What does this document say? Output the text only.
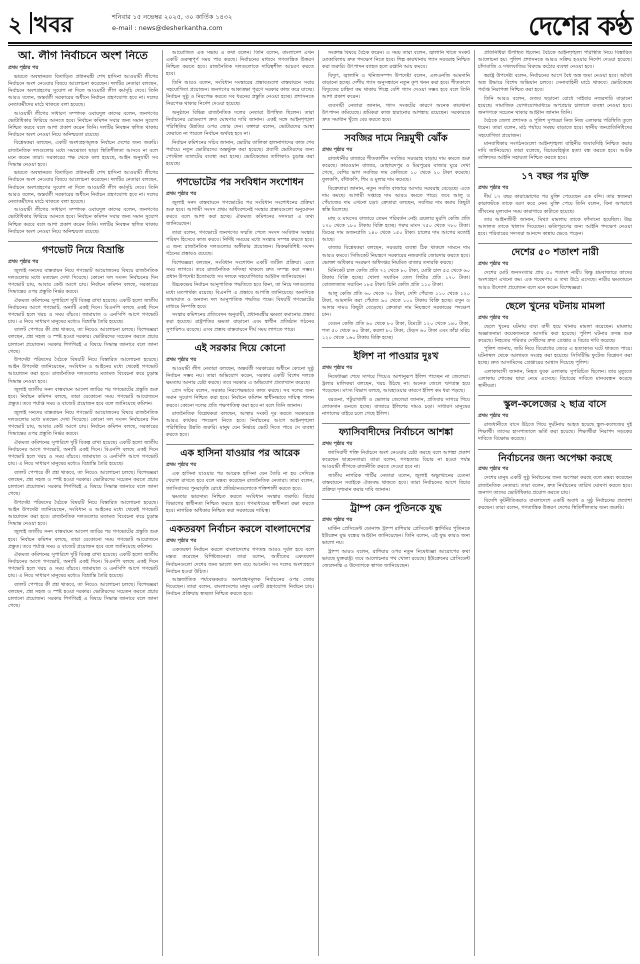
২ খবর	শনিবার ১৫ নভেম্বর ২০২৫, ৩০ কার্তিক ১৪৩২
e-mail : news@desherkantha.com	দেশের কণ্ঠ
আ. লীগ নির্বাচনে অংশ নিতে
প্রথম পৃষ্ঠার পর

ভারতে অবস্থানরত বিতাড়িত প্রধানমন্ত্রী শেখ হাসিনা আওয়ামী লীগের নির্বাচনে অংশ নেওয়ার বিষয়ে আলোচনা করেছেন। দলটির নেতারা বলছেন, নির্বাচনে অংশগ্রহণের সুযোগ না দিলে আওয়ামী লীগ কর্মসূচি দেবে। তিনি আরও বলেন, অন্তর্বর্তী সরকারের অধীনে নির্বাচন গ্রহণযোগ্য হবে না। দলের নেতাকর্মীদের মাঠে থাকতে বলা হয়েছে।

আওয়ামী লীগের সাধারণ সম্পাদক ওবায়দুল কাদের বলেন, জনগণের ভোটাধিকার ফিরিয়ে আনতে হবে। নির্বাচন কমিশন সবার জন্য সমান সুযোগ নিশ্চিত করবে বলে আশা প্রকাশ করেন তিনি। দলটির নিবন্ধন স্থগিত থাকায় নির্বাচনে অংশ নেওয়া নিয়ে অনিশ্চয়তা রয়েছে।

বিশ্লেষকরা বলছেন, একটি অংশগ্রহণমূলক নির্বাচন দেশের জন্য জরুরি। রাজনৈতিক দলগুলোর মধ্যে সমঝোতা ছাড়া স্থিতিশীলতা আসবে না বলে মনে করেন তারা। সরকারের পক্ষ থেকে বলা হয়েছে, আইন অনুযায়ী সব সিদ্ধান্ত নেওয়া হবে।

ভারতে অবস্থানরত বিতাড়িত প্রধানমন্ত্রী শেখ হাসিনা আওয়ামী লীগের নির্বাচনে অংশ নেওয়ার বিষয়ে আলোচনা করেছেন। দলটির নেতারা বলছেন, নির্বাচনে অংশগ্রহণের সুযোগ না দিলে আওয়ামী লীগ কর্মসূচি দেবে। তিনি আরও বলেন, অন্তর্বর্তী সরকারের অধীনে নির্বাচন গ্রহণযোগ্য হবে না। দলের নেতাকর্মীদের মাঠে থাকতে বলা হয়েছে।

আওয়ামী লীগের সাধারণ সম্পাদক ওবায়দুল কাদের বলেন, জনগণের ভোটাধিকার ফিরিয়ে আনতে হবে। নির্বাচন কমিশন সবার জন্য সমান সুযোগ নিশ্চিত করবে বলে আশা প্রকাশ করেন তিনি। দলটির নিবন্ধন স্থগিত থাকায় নির্বাচনে অংশ নেওয়া নিয়ে অনিশ্চয়তা রয়েছে।

গণভোট নিয়ে বিভ্রান্তি
প্রথম পৃষ্ঠার পর

জুলাই সনদের বাস্তবায়ন নিয়ে গণভোট আয়োজনের বিষয়ে রাজনৈতিক দলগুলোর মধ্যে মতভেদ দেখা দিয়েছে। কোনো দল সংসদ নির্বাচনের দিন গণভোট চায়, আবার কেউ আগে চায়। নির্বাচন কমিশন বলছে, সরকারের সিদ্ধান্তের ওপর প্রস্তুতি নির্ভর করবে।

ঐকমত্য কমিশনের সুপারিশে দুটি বিকল্প রাখা হয়েছে। একটি হলো জাতীয় নির্বাচনের আগে গণভোট, অন্যটি একই দিনে। বিএনপি বলছে একই দিনে গণভোট হলে খরচ ও সময় বাঁচবে। জামায়াত ও এনসিপি আগে গণভোট চায়। এ নিয়ে সাধারণ মানুষের মধ্যেও বিভ্রান্তি তৈরি হয়েছে।

ব্যালট পেপারে কী প্রশ্ন থাকবে, তা নিয়েও আলোচনা চলছে। বিশেষজ্ঞরা বলছেন, প্রশ্ন সহজ ও স্পষ্ট হওয়া দরকার। ভোটারদের সচেতন করতে প্রচার চালানো প্রয়োজন। সরকার শিগগিরই এ বিষয়ে সিদ্ধান্ত জানাবে বলে জানা গেছে।

উপদেষ্টা পরিষদের বৈঠকে বিষয়টি নিয়ে বিস্তারিত আলোচনা হয়েছে। আইন উপদেষ্টা জানিয়েছেন, সংবিধান ও আইনের মধ্যে থেকেই গণভোট আয়োজন করা হবে। রাজনৈতিক দলগুলোর মতামত বিবেচনা করে চূড়ান্ত সিদ্ধান্ত নেওয়া হবে।

জুলাই জাতীয় সনদ বাস্তবায়ন আদেশ জারির পর গণভোটের প্রস্তুতি শুরু হবে। নির্বাচন কমিশন বলছে, তারা যেকোনো সময় গণভোট আয়োজনে প্রস্তুত। তবে পর্যাপ্ত সময় ও বাজেট প্রয়োজন হবে বলে জানিয়েছে কমিশন।

জুলাই সনদের বাস্তবায়ন নিয়ে গণভোট আয়োজনের বিষয়ে রাজনৈতিক দলগুলোর মধ্যে মতভেদ দেখা দিয়েছে। কোনো দল সংসদ নির্বাচনের দিন গণভোট চায়, আবার কেউ আগে চায়। নির্বাচন কমিশন বলছে, সরকারের সিদ্ধান্তের ওপর প্রস্তুতি নির্ভর করবে।

ঐকমত্য কমিশনের সুপারিশে দুটি বিকল্প রাখা হয়েছে। একটি হলো জাতীয় নির্বাচনের আগে গণভোট, অন্যটি একই দিনে। বিএনপি বলছে একই দিনে গণভোট হলে খরচ ও সময় বাঁচবে। জামায়াত ও এনসিপি আগে গণভোট চায়। এ নিয়ে সাধারণ মানুষের মধ্যেও বিভ্রান্তি তৈরি হয়েছে।

ব্যালট পেপারে কী প্রশ্ন থাকবে, তা নিয়েও আলোচনা চলছে। বিশেষজ্ঞরা বলছেন, প্রশ্ন সহজ ও স্পষ্ট হওয়া দরকার। ভোটারদের সচেতন করতে প্রচার চালানো প্রয়োজন। সরকার শিগগিরই এ বিষয়ে সিদ্ধান্ত জানাবে বলে জানা গেছে।

উপদেষ্টা পরিষদের বৈঠকে বিষয়টি নিয়ে বিস্তারিত আলোচনা হয়েছে। আইন উপদেষ্টা জানিয়েছেন, সংবিধান ও আইনের মধ্যে থেকেই গণভোট আয়োজন করা হবে। রাজনৈতিক দলগুলোর মতামত বিবেচনা করে চূড়ান্ত সিদ্ধান্ত নেওয়া হবে।

জুলাই জাতীয় সনদ বাস্তবায়ন আদেশ জারির পর গণভোটের প্রস্তুতি শুরু হবে। নির্বাচন কমিশন বলছে, তারা যেকোনো সময় গণভোট আয়োজনে প্রস্তুত। তবে পর্যাপ্ত সময় ও বাজেট প্রয়োজন হবে বলে জানিয়েছে কমিশন।

ঐকমত্য কমিশনের সুপারিশে দুটি বিকল্প রাখা হয়েছে। একটি হলো জাতীয় নির্বাচনের আগে গণভোট, অন্যটি একই দিনে। বিএনপি বলছে একই দিনে গণভোট হলে খরচ ও সময় বাঁচবে। জামায়াত ও এনসিপি আগে গণভোট চায়। এ নিয়ে সাধারণ মানুষের মধ্যেও বিভ্রান্তি তৈরি হয়েছে।

ব্যালট পেপারে কী প্রশ্ন থাকবে, তা নিয়েও আলোচনা চলছে। বিশেষজ্ঞরা বলছেন, প্রশ্ন সহজ ও স্পষ্ট হওয়া দরকার। ভোটারদের সচেতন করতে প্রচার চালানো প্রয়োজন। সরকার শিগগিরই এ বিষয়ে সিদ্ধান্ত জানাবে বলে জানা গেছে।

আয়োজিত এক সভায় এ কথা বলেন। তিনি বলেন, বাংলাদেশ এখন একটি গুরুত্বপূর্ণ সময় পার করছে। নির্বাচনের মাধ্যমে গণতান্ত্রিক উত্তরণ নিশ্চিত করতে হবে। রাজনৈতিক দলগুলোকে দায়িত্বশীল আচরণ করতে হবে।

তিনি আরও বলেন, সংবিধান সংস্কারের প্রস্তাবগুলো বাস্তবায়নে সবার সহযোগিতা প্রয়োজন। জনগণের আকাঙ্ক্ষা পূরণে সরকার কাজ করে যাচ্ছে। নির্বাচন সুষ্ঠু ও নিরপেক্ষ করতে সব ধরনের প্রস্তুতি নেওয়া হচ্ছে। প্রশাসনকে নিরপেক্ষ থাকার নির্দেশ দেওয়া হয়েছে।

অনুষ্ঠানে বিভিন্ন রাজনৈতিক দলের নেতারা উপস্থিত ছিলেন। তারা নির্বাচনের রোডম্যাপ দ্রুত ঘোষণার দাবি জানান। একই সঙ্গে আইনশৃঙ্খলা পরিস্থিতির উন্নতির ওপর জোর দেন। বক্তারা বলেন, ভোটারদের আস্থা ফেরাতে না পারলে নির্বাচন অর্থবহ হবে না।

নির্বাচন কমিশনের সচিব জানান, ভোটার তালিকা হালনাগাদের কাজ শেষ পর্যায়ে। নতুন ভোটারদের অন্তর্ভুক্ত করা হয়েছে। প্রবাসী ভোটারদের জন্য পোস্টাল ব্যালটের ব্যবস্থা করা হচ্ছে। ভোটকেন্দ্রের তালিকাও চূড়ান্ত করা হয়েছে।

গণভোটের পর সংবিধান সংশোধন
প্রথম পৃষ্ঠার পর

জুলাই সনদ বাস্তবায়নে গণভোটের পর সংবিধান সংশোধনের প্রক্রিয়া শুরু হবে। আগামী সংসদ প্রথম অধিবেশনেই সংস্কার প্রস্তাবগুলো অনুমোদন করবে বলে আশা করা হচ্ছে। ঐকমত্য কমিশনের সদস্যরা এ তথ্য জানিয়েছেন।

তারা বলেন, গণভোটে জনগণের সম্মতি পেলে সংসদ সংবিধান সংস্কার পরিষদ হিসেবে কাজ করবে। নির্দিষ্ট সময়ের মধ্যে সংস্কার সম্পন্ন করতে হবে। এ জন্য রাজনৈতিক দলগুলোর অঙ্গীকার প্রয়োজন। দ্বিকক্ষবিশিষ্ট সংসদ গঠনের প্রস্তাবও রয়েছে।

বিশেষজ্ঞরা বলছেন, সংবিধান সংশোধন একটি জটিল প্রক্রিয়া। এতে সময় লাগবে। তবে রাজনৈতিক সদিচ্ছা থাকলে দ্রুত সম্পন্ন করা সম্ভব। প্রধান উপদেষ্টা ইতোমধ্যে সব দলকে সহযোগিতার আহ্বান জানিয়েছেন।

উচ্চকক্ষের নির্বাচন আনুপাতিক পদ্ধতিতে হবে কিনা, তা নিয়ে দলগুলোর মধ্যে মতপার্থক্য রয়েছে। বিএনপি এ প্রস্তাবে আপত্তি জানিয়েছে। অন্যদিকে জামায়াত ও অন্যান্য দল আনুপাতিক পদ্ধতির পক্ষে। বিষয়টি গণভোটের মাধ্যমে নিষ্পত্তি হবে।

সংস্কার কমিশনের প্রতিবেদন অনুযায়ী, প্রধানমন্ত্রীর ক্ষমতা কমানোর প্রস্তাব করা হয়েছে। রাষ্ট্রপতির ক্ষমতা বাড়ানো এবং স্বাধীন প্রতিষ্ঠান গঠনের সুপারিশও রয়েছে। এসব প্রস্তাব বাস্তবায়নে দীর্ঘ সময় লাগতে পারে।

এই সরকার দিয়ে কোনো
প্রথম পৃষ্ঠার পর

আওয়ামী লীগ নেতারা বলছেন, অন্তর্বর্তী সরকারের অধীনে কোনো সুষ্ঠু নির্বাচন সম্ভব নয়। তারা অভিযোগ করেন, সরকার একটি বিশেষ দলকে ক্ষমতায় আনার চেষ্টা করছে। তবে সরকার এ অভিযোগ প্রত্যাখ্যান করেছে।

প্রেস সচিব বলেন, সরকার নিরপেক্ষভাবে কাজ করছে। সব দলের জন্য সমান সুযোগ নিশ্চিত করা হবে। নির্বাচন কমিশন স্বাধীনভাবে দায়িত্ব পালন করবে। কোনো দলের প্রতি পক্ষপাতিত্ব করা হবে না বলে তিনি জানান।

রাজনৈতিক বিশ্লেষকরা বলছেন, আস্থার সংকট দূর করতে সরকারকে আরও কার্যকর পদক্ষেপ নিতে হবে। নির্বাচনের আগে আইনশৃঙ্খলা পরিস্থিতির উন্নতি জরুরি। মানুষ যেন নির্ভয়ে ভোট দিতে পারে সে ব্যবস্থা করতে হবে।

এক হাসিনা যাওয়ার পর আরেক
প্রথম পৃষ্ঠার পর

এক হাসিনা যাওয়ার পর আরেক হাসিনা যেন তৈরি না হয় সেদিকে খেয়াল রাখতে হবে বলে মন্তব্য করেছেন রাজনৈতিক নেতারা। তারা বলেন, ফ্যাসিবাদের পুনরাবৃত্তি রোধে প্রতিষ্ঠানগুলোকে শক্তিশালী করতে হবে।

ক্ষমতার ভারসাম্য নিশ্চিত করতে সংবিধান সংস্কার জরুরি। বিচার বিভাগের স্বাধীনতা নিশ্চিত করতে হবে। গণমাধ্যমের স্বাধীনতা রক্ষা করতে হবে। নাগরিক অধিকার নিশ্চিত করা সরকারের দায়িত্ব।

একতরফা নির্বাচন করলে বাংলাদেশের
প্রথম পৃষ্ঠার পর

একতরফা নির্বাচন করলে বাংলাদেশের গণতন্ত্র আরও দুর্বল হবে বলে মন্তব্য করেছেন বিশিষ্টজনেরা। তারা বলেন, অতীতের একতরফা নির্বাচনগুলো দেশের জন্য ভালো ফল বয়ে আনেনি। সব দলের অংশগ্রহণে নির্বাচন হওয়া উচিত।

আন্তর্জাতিক পর্যবেক্ষকরাও অংশগ্রহণমূলক নির্বাচনের ওপর জোর দিয়েছেন। তারা বলেন, বাংলাদেশের মানুষ একটি গ্রহণযোগ্য নির্বাচন চায়। নির্বাচন প্রক্রিয়ায় স্বচ্ছতা নিশ্চিত করতে হবে।

সংক্রান্ত বিষয়ে বৈঠক করেন। এ সময় তারা বলেন, জ্বালানি খাতে সংকট মোকাবিলায় দ্রুত পদক্ষেপ নিতে হবে। শিল্প কারখানায় গ্যাস সরবরাহ নিশ্চিত করা জরুরি। উৎপাদন ব্যাহত হলে রপ্তানি আয় কমবে।

বিদ্যুৎ, জ্বালানি ও খনিজসম্পদ উপদেষ্টা বলেন, এলএনজি আমদানি বাড়ানো হচ্ছে। দেশীয় গ্যাস অনুসন্ধানে নতুন কূপ খনন করা হবে। শীতকালে বিদ্যুতের চাহিদা কম থাকায় শিল্পে বেশি গ্যাস দেওয়া সম্ভব হবে বলে তিনি আশা প্রকাশ করেন।

ব্যবসায়ী নেতারা জানান, গ্যাস সংকটের কারণে অনেক কারখানা উৎপাদন কমিয়েছে। শ্রমিকরা কাজ হারানোর আশঙ্কায় রয়েছেন। সরকারকে দ্রুত সমাধান খুঁজে বের করতে হবে।

সবজির দামে নিম্নমুখী ঝোঁক
প্রথম পৃষ্ঠার পর

রাজধানীর বাজারে শীতকালীন সবজির সরবরাহ বাড়ায় দাম কমতে শুরু করেছে। কারওয়ান বাজার, মোহাম্মদপুর ও মিরপুরের বাজার ঘুরে দেখা গেছে, বেশির ভাগ সবজির দাম কেজিতে ১০ থেকে ২০ টাকা কমেছে। ফুলকপি, বাঁধাকপি, শিম ও মুলার দাম কমেছে।

বিক্রেতারা জানান, নতুন সবজি বাজারে আসায় সরবরাহ বেড়েছে। এতে দাম কমছে। আগামী সপ্তাহে দাম আরও কমতে পারে। তবে আলু ও পেঁয়াজের দাম এখনো চড়া। ক্রেতারা বলছেন, সবজির দাম কমায় কিছুটা স্বস্তি মিলেছে।

মাছ ও মাংসের বাজারে তেমন পরিবর্তন নেই। ব্রয়লার মুরগি কেজি প্রতি ১৭০ থেকে ১৮০ টাকায় বিক্রি হচ্ছে। গরুর মাংস ৭৫০ থেকে ৭৮০ টাকা। ডিমের দাম ডজনপ্রতি ১৪০ থেকে ১৫০ টাকা। চালের দাম আগের মতোই আছে।

বাজার বিশ্লেষকরা বলছেন, সরবরাহ ব্যবস্থা ঠিক থাকলে সামনে দাম আরও কমবে। সিন্ডিকেট নিয়ন্ত্রণে সরকারের নজরদারি জোরদার করতে হবে। ভোক্তা অধিকার সংরক্ষণ অধিদপ্তর নিয়মিত বাজার তদারকি করছে।

মিনিকেট চাল কেজি প্রতি ৭২ থেকে ৮০ টাকা, মোটা চাল ৫৫ থেকে ৬০ টাকায় বিক্রি হচ্ছে। খোলা সয়াবিন তেল লিটার প্রতি ১৭০ টাকা। বোতলজাত সয়াবিন ১৮৫ টাকা। চিনি কেজি প্রতি ১১০ টাকা।

আলু কেজি প্রতি ৬০ থেকে ৭০ টাকা, দেশি পেঁয়াজ ১১০ থেকে ১২০ টাকা, আমদানি করা পেঁয়াজ ৯০ থেকে ১০০ টাকায় বিক্রি হচ্ছে। রসুন ও আদার দামও কিছুটা বেড়েছে। ক্রেতারা দাম নিয়ন্ত্রণে সরকারের পদক্ষেপ চান।

বেগুন কেজি প্রতি ৬০ থেকে ৮০ টাকা, টমেটো ১২০ থেকে ১৪০ টাকা, শসা ৫০ থেকে ৬০ টাকা, করলা ৮০ টাকা, ঢেঁড়স ৬০ টাকা এবং কাঁচা মরিচ ১২০ থেকে ১৬০ টাকায় বিক্রি হচ্ছে।

ইলিশ না পাওয়ার দুঃখ
প্রথম পৃষ্ঠার পর

নিষেধাজ্ঞা শেষে সাগরে গিয়েও আশানুরূপ ইলিশ পাচ্ছেন না জেলেরা। ট্রলার মালিকরা বলছেন, খরচ উঠছে না। অনেক জেলে ঋণগ্রস্ত হয়ে পড়েছেন। মৎস্য বিভাগ বলছে, আবহাওয়ার কারণে ইলিশ কম ধরা পড়ছে।

বরগুনা, পটুয়াখালী ও ভোলার জেলেরা জানান, প্রতিবার সাগরে গিয়ে লোকসান গুনতে হচ্ছে। বাজারে ইলিশের দামও চড়া। সাধারণ মানুষের নাগালের বাইরে চলে গেছে ইলিশ।

ফ্যাসিবাদীদের নির্বাচনে আশঙ্কা
প্রথম পৃষ্ঠার পর

ফ্যাসিবাদী শক্তি নির্বাচনে অংশ নেওয়ার চেষ্টা করছে বলে আশঙ্কা প্রকাশ করেছেন ছাত্রনেতারা। তারা বলেন, গণহত্যার বিচার না হওয়া পর্যন্ত আওয়ামী লীগকে রাজনীতি করতে দেওয়া হবে না।

জাতীয় নাগরিক পার্টির নেতারা বলেন, জুলাই অভ্যুত্থানের চেতনা বাস্তবায়নে সবাইকে ঐক্যবদ্ধ থাকতে হবে। তারা নির্বাচনের আগে বিচার প্রক্রিয়া দৃশ্যমান করার দাবি জানান।

ট্রাম্প কেন পুতিনকে যুদ্ধ
প্রথম পৃষ্ঠার পর

মার্কিন প্রেসিডেন্ট ডোনাল্ড ট্রাম্প রাশিয়ার প্রেসিডেন্ট ভ্লাদিমির পুতিনকে ইউক্রেন যুদ্ধ বন্ধের আহ্বান জানিয়েছেন। তিনি বলেন, এই যুদ্ধ কারও জন্য ভালো নয়।

ট্রাম্প আরও বলেন, রাশিয়ার ওপর নতুন নিষেধাজ্ঞা আরোপের কথা ভাবছে যুক্তরাষ্ট্র। তবে আলোচনার পথ খোলা রয়েছে। ইউক্রেনের প্রেসিডেন্ট জেলেনস্কি এ উদ্যোগকে স্বাগত জানিয়েছেন।

প্রতিনিধিরা উপস্থিত ছিলেন। বৈঠকে আইনশৃঙ্খলা পরিস্থিতি নিয়ে বিস্তারিত আলোচনা হয়। পুলিশ প্রশাসনকে আরও সক্রিয় হওয়ার নির্দেশ দেওয়া হয়েছে। চাঁদাবাজি ও দখলবাজির বিরুদ্ধে কঠোর ব্যবস্থা নেওয়া হবে।

স্বরাষ্ট্র উপদেষ্টা বলেন, নির্বাচনের আগে বৈধ অস্ত্র জমা নেওয়া হবে। অবৈধ অস্ত্র উদ্ধারে বিশেষ অভিযান চলবে। সেনাবাহিনী মাঠে থাকবে। ভোটকেন্দ্রে পর্যাপ্ত নিরাপত্তা নিশ্চিত করা হবে।

তিনি আরও বলেন, গুজব ছড়ানো রোধে সাইবার নজরদারি বাড়ানো হয়েছে। সামাজিক যোগাযোগমাধ্যমে অপপ্রচার চালালে ব্যবস্থা নেওয়া হবে। জনগণকে সচেতন থাকার আহ্বান জানান তিনি।

বৈঠকে জেলা প্রশাসক ও পুলিশ সুপাররা নিজ নিজ এলাকার পরিস্থিতি তুলে ধরেন। তারা বলেন, মাঠ পর্যায়ে সমন্বয় বাড়াতে হবে। স্থানীয় জনপ্রতিনিধিদের সহযোগিতা প্রয়োজন।

মানবাধিকার সংগঠনগুলো আইনশৃঙ্খলা বাহিনীর জবাবদিহি নিশ্চিত করার দাবি জানিয়েছে। তারা বলেছে, বিচারবহির্ভূত হত্যা বন্ধ করতে হবে। আটক ব্যক্তিদের আইনি সহায়তা নিশ্চিত করতে হবে।

১৭ বছর পর মুক্তি
প্রথম পৃষ্ঠার পর

দীর্ঘ ১৭ বছর কারাভোগের পর মুক্তি পেয়েছেন এক বন্দি। তার স্বজনরা কারাফটকে তাকে বরণ করে নেন। মুক্তি পেয়ে তিনি বলেন, বিনা অপরাধে জীবনের মূল্যবান সময় কারাগারে কাটাতে হয়েছে।

তার আইনজীবী জানান, মিথ্যা মামলায় তাকে ফাঁসানো হয়েছিল। উচ্চ আদালত তাকে খালাস দিয়েছেন। ক্ষতিপূরণের জন্য আইনি পদক্ষেপ নেওয়া হবে। পরিবারের সদস্যরা আনন্দে কান্নায় ভেঙে পড়েন।

দেশের ৫০ শতাংশ নারী
প্রথম পৃষ্ঠার পর

দেশের মোট জনসংখ্যার প্রায় ৫০ শতাংশ নারী। কিন্তু শ্রমবাজারে তাদের অংশগ্রহণ এখনো কম। এক গবেষণায় এ তথ্য উঠে এসেছে। নারীর ক্ষমতায়নে আরও উদ্যোগ প্রয়োজন বলে মনে করেন বিশেষজ্ঞরা।

ছেলে খুনের ঘটনায় মামলা
প্রথম পৃষ্ঠার পর

ছেলে খুনের ঘটনায় বাবা বাদী হয়ে থানায় মামলা করেছেন। মামলায় অজ্ঞাতনামা কয়েকজনকে আসামি করা হয়েছে। পুলিশ ঘটনার তদন্ত শুরু করেছে। নিহতের পরিবার দোষীদের দ্রুত গ্রেপ্তার ও বিচার দাবি করেছে।

পুলিশ জানায়, জমি নিয়ে বিরোধের জেরে এ হত্যাকাণ্ড ঘটে থাকতে পারে। ঘটনাস্থল থেকে আলামত সংগ্রহ করা হয়েছে। সিসিটিভি ফুটেজ বিশ্লেষণ করা হচ্ছে। দ্রুত আসামিদের গ্রেপ্তারের আশ্বাস দিয়েছে পুলিশ।

এলাকাবাসী জানান, নিহত যুবক এলাকায় সুপরিচিত ছিলেন। তার মৃত্যুতে এলাকায় শোকের ছায়া নেমে এসেছে। বিচারের দাবিতে মানববন্ধন করেছে স্থানীয়রা।

স্কুল-কলেজের ২ ছাত্র বাসে
প্রথম পৃষ্ঠার পর

রাজধানীতে বাসে উঠতে গিয়ে দুর্ঘটনায় আহত হয়েছে স্কুল-কলেজের দুই শিক্ষার্থী। তাদের হাসপাতালে ভর্তি করা হয়েছে। শিক্ষার্থীরা নিরাপদ সড়কের দাবিতে বিক্ষোভ করেছে।

নির্বাচনের জন্য অপেক্ষা করছে
প্রথম পৃষ্ঠার পর

দেশের মানুষ একটি সুষ্ঠু নির্বাচনের জন্য অপেক্ষা করছে বলে মন্তব্য করেছেন রাজনৈতিক নেতারা। তারা বলেন, দ্রুত নির্বাচনের তারিখ ঘোষণা করতে হবে। জনগণ তাদের ভোটাধিকার প্রয়োগ করতে চায়।

বিদেশি কূটনীতিকরাও বাংলাদেশে একটি অবাধ ও সুষ্ঠু নির্বাচনের প্রত্যাশা করছেন। তারা বলেন, গণতান্ত্রিক উত্তরণ দেশের স্থিতিশীলতার জন্য জরুরি।
